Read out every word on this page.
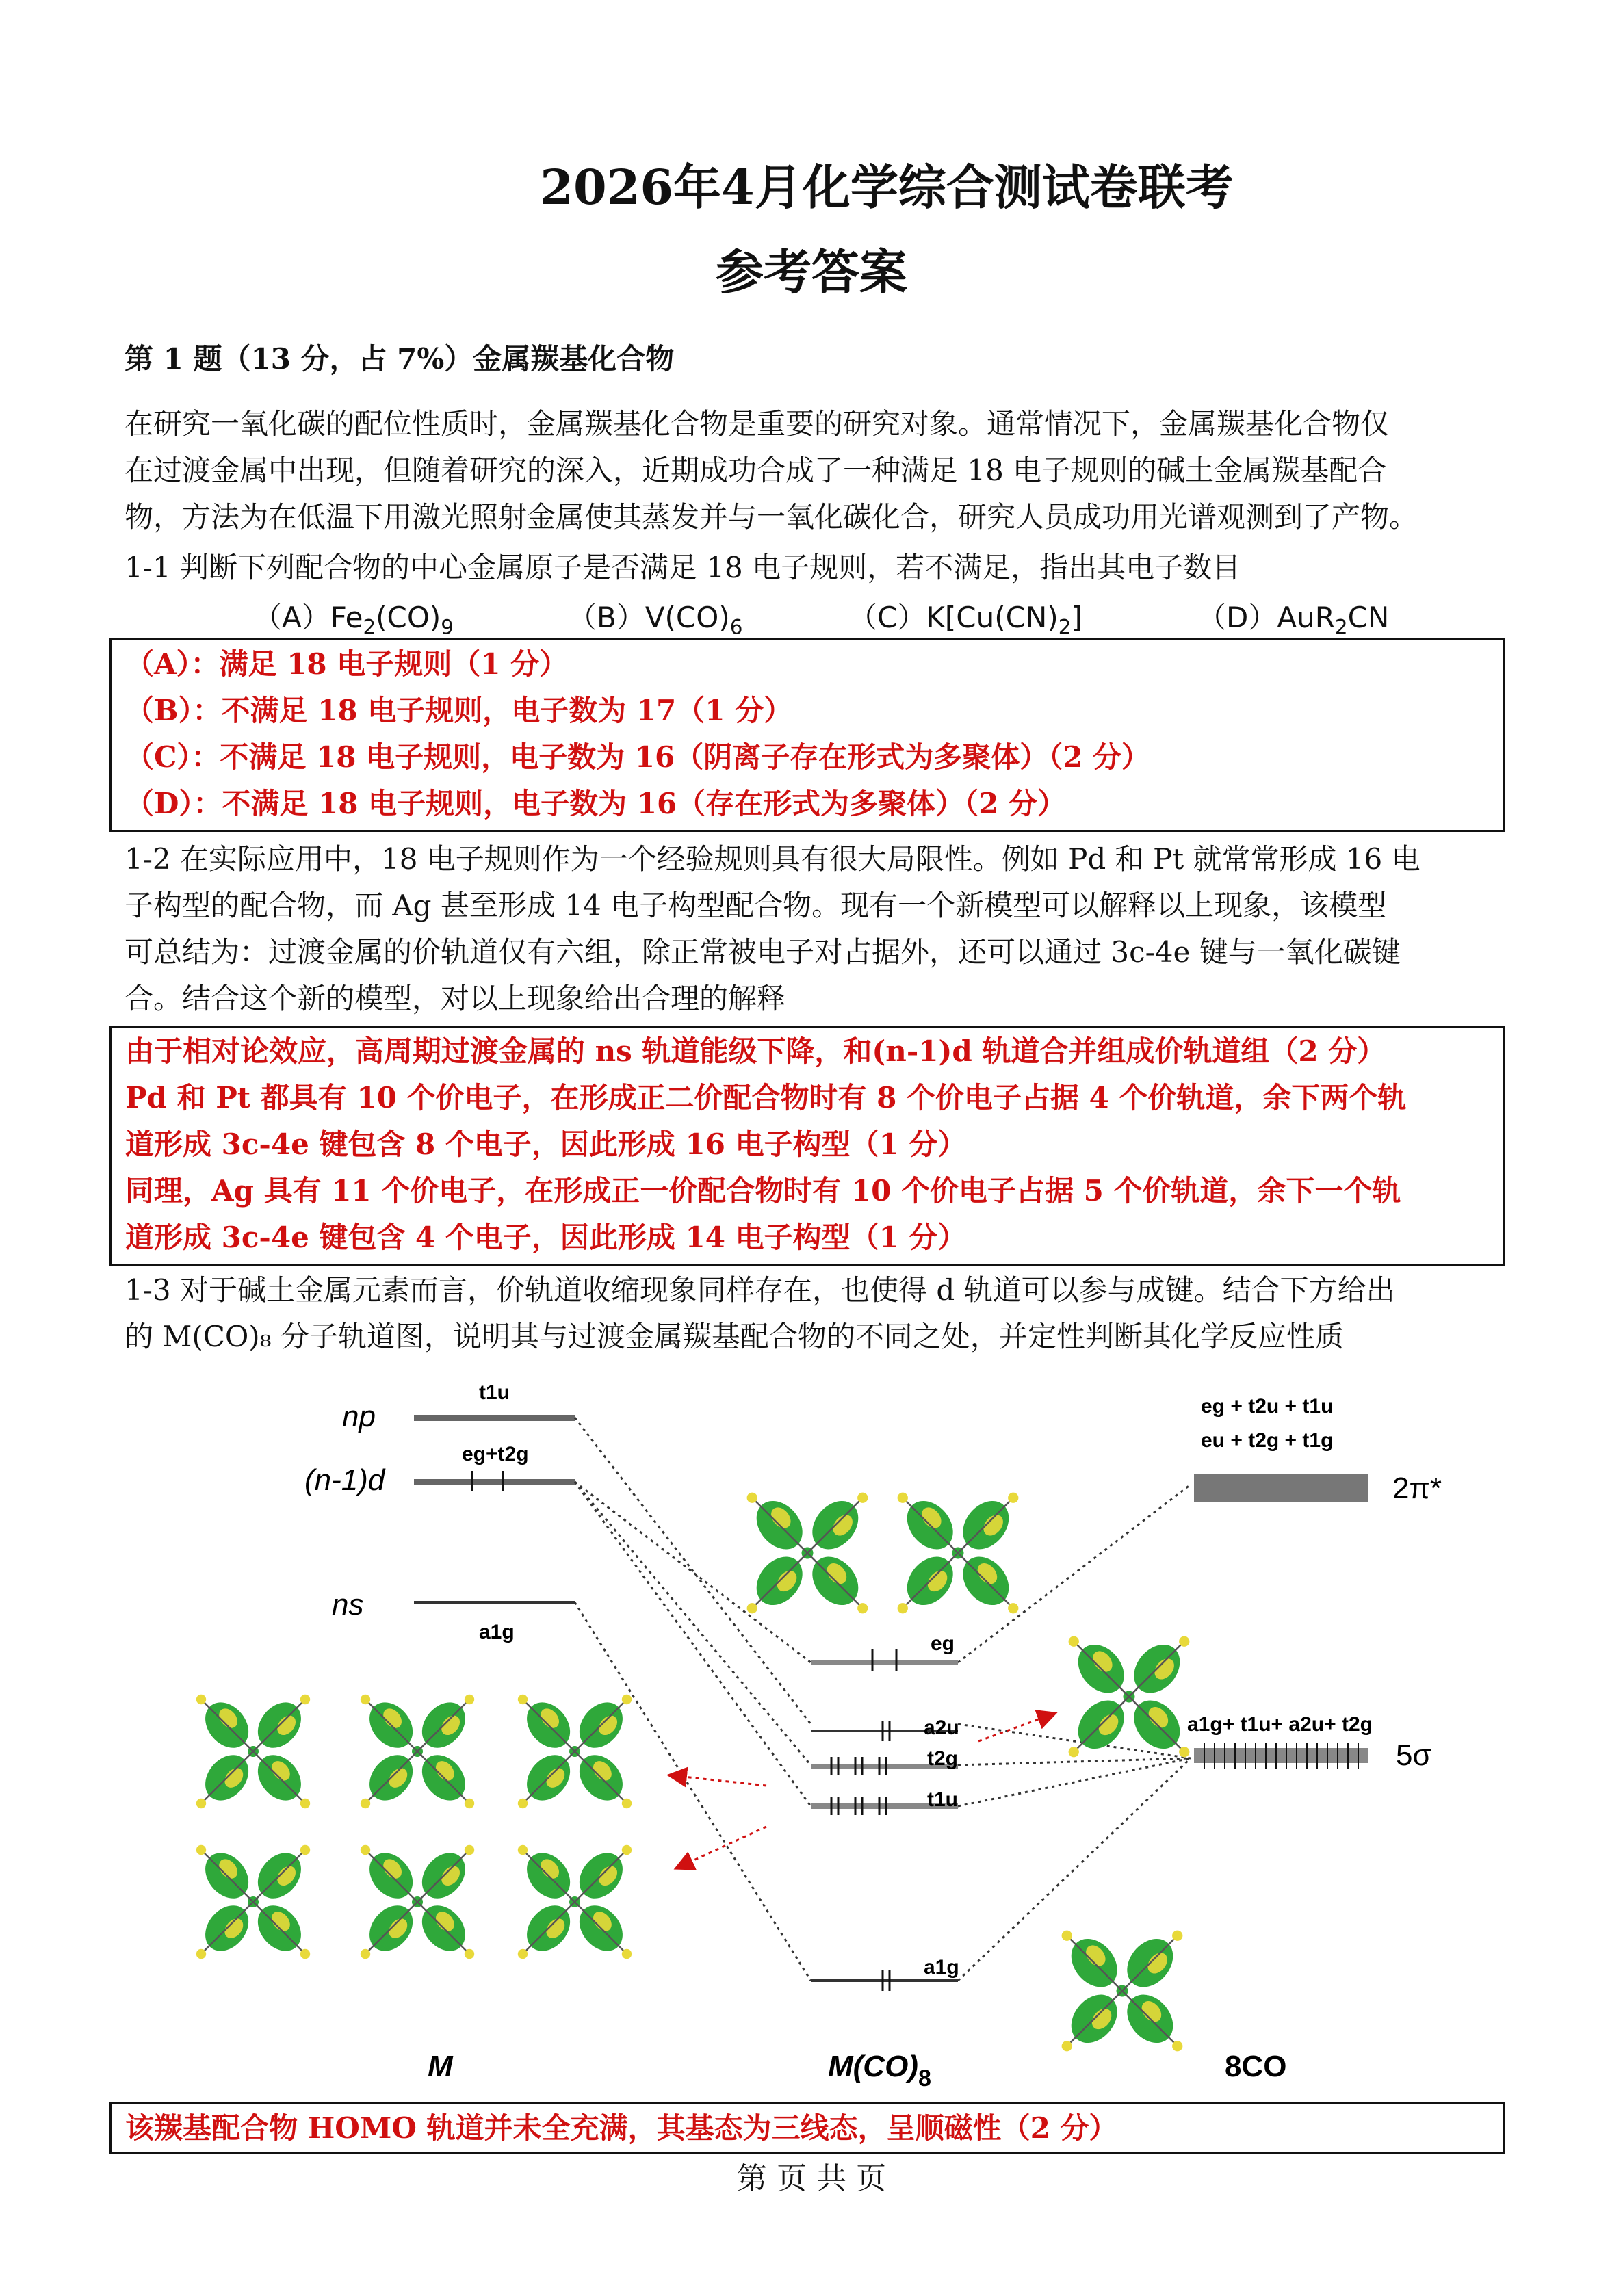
2026年4月化学综合测试卷联考
参考答案
第 1 题（13 分，占 7%）金属羰基化合物
在研究一氧化碳的配位性质时，金属羰基化合物是重要的研究对象。通常情况下，金属羰基化合物仅
在过渡金属中出现，但随着研究的深入，近期成功合成了一种满足 18 电子规则的碱土金属羰基配合
物，方法为在低温下用激光照射金属使其蒸发并与一氧化碳化合，研究人员成功用光谱观测到了产物。
1-1 判断下列配合物的中心金属原子是否满足 18 电子规则，若不满足，指出其电子数目
$(A)Fe_2(CO)_9$	$(B)V(CO)_6$	$(C)K[Cu(CN)_2]$	（D）AuR$_2$CN
（A）：满足 18 电子规则（1 分）
（B）：不满足 18 电子规则，电子数为 17（1 分）
（C）：不满足 18 电子规则，电子数为 16（阴离子存在形式为多聚体）（2 分）
（D）：不满足 18 电子规则，电子数为 16（存在形式为多聚体）（2 分）
1-2 在实际应用中，18 电子规则作为一个经验规则具有很大局限性。例如 Pd 和 Pt 就常常形成 16 电
子构型的配合物，而 Ag 甚至形成 14 电子构型配合物。现有一个新模型可以解释以上现象，该模型
可总结为：过渡金属的价轨道仅有六组，除正常被电子对占据外，还可以通过 3c-4e 键与一氧化碳键
合。结合这个新的模型，对以上现象给出合理的解释
由于相对论效应，高周期过渡金属的 ns 轨道能级下降，和(n-1)d 轨道合并组成价轨道组（2 分）
Pd 和 Pt 都具有 10 个价电子，在形成正二价配合物时有 8 个价电子占据 4 个价轨道，余下两个轨
道形成 3c-4e 键包含 8 个电子，因此形成 16 电子构型（1 分）
同理，Ag 具有 11 个价电子，在形成正一价配合物时有 10 个价电子占据 5 个价轨道，余下一个轨
道形成 3c-4e 键包含 4 个电子，因此形成 14 电子构型（1 分）
1-3 对于碱土金属元素而言，价轨道收缩现象同样存在，也使得 d 轨道可以参与成键。结合下方给出
的 M(CO)₈ 分子轨道图，说明其与过渡金属羰基配合物的不同之处，并定性判断其化学反应性质
np
t1u
(n-1)d
eg+t2g
ns
a1g
eg
a2u
t2g
t1u
a1g
eg + t2u + t1u
eu + t2g + t1g
2π*
a1g+ t1u+ a2u+ t2g
5σ
M	$M(CO)_8$	8CO
该羰基配合物 HOMO 轨道并未全充满，其基态为三线态，呈顺磁性（2 分）
第 页 共 页
